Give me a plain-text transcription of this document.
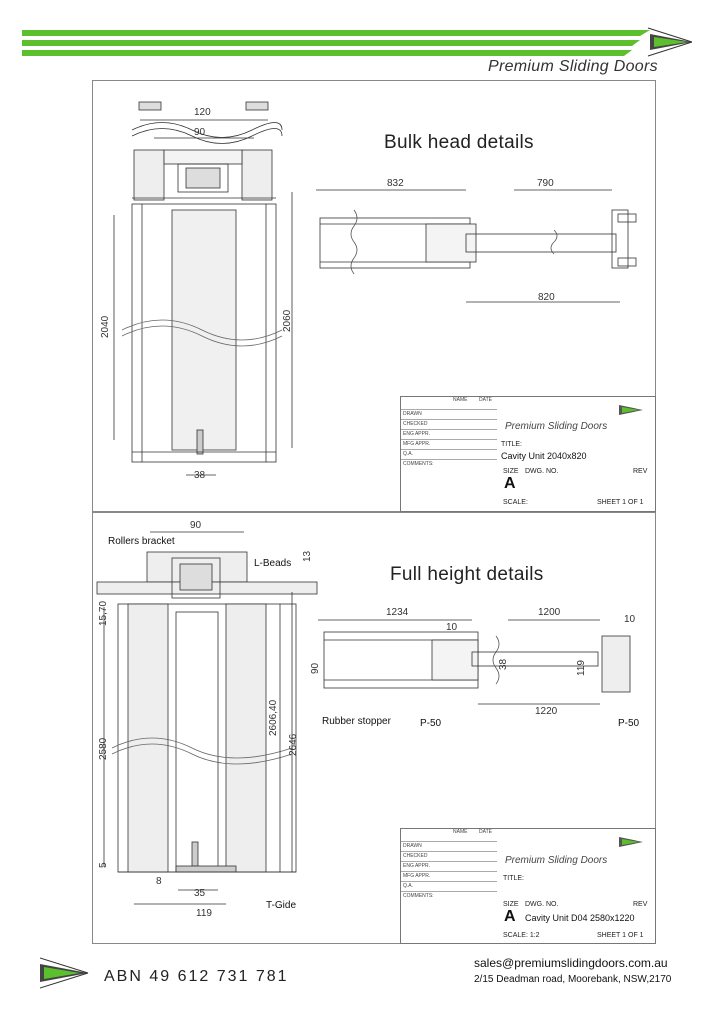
Premium Sliding Doors
Bulk head details
120
90
2040	2060
38
832	790
820
NAME DATE
DRAWN
CHECKED
ENG APPR.
MFG APPR.
Q.A.
COMMENTS:
Premium Sliding Doors
TITLE:
Cavity Unit 2040x820
SIZE
A
DWG. NO.	REV
SCALE:	SHEET 1 OF 1
Full height details
Rollers bracket
L-Beads
Rubber stopper	P-50	P-50
T-Gide
90
13
15,70
2580
2606,40
2646
5
8
35
119
1234	1200
10
10
90	38	119
1220
NAME DATE
DRAWN
CHECKED
ENG APPR.
MFG APPR.
Q.A.
COMMENTS:
Premium Sliding Doors
TITLE:
SIZE
A
DWG. NO.
Cavity Unit D04 2580x1220
REV
SCALE: 1:2	SHEET 1 OF 1
ABN 49 612 731 781
sales@premiumslidingdoors.com.au
2/15 Deadman road, Moorebank, NSW,2170
